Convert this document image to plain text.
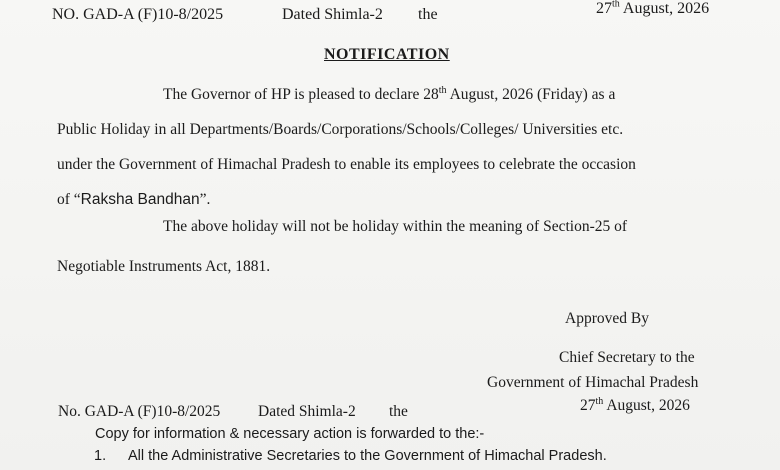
NO. GAD-A (F)10-8/2025	Dated Shimla-2 the	27th August, 2026
NOTIFICATION
The Governor of HP is pleased to declare 28th August, 2026 (Friday) as a
Public Holiday in all Departments/Boards/Corporations/Schools/Colleges/ Universities etc.
under the Government of Himachal Pradesh to enable its employees to celebrate the occasion
of “Raksha Bandhan”.
The above holiday will not be holiday within the meaning of Section-25 of
Negotiable Instruments Act, 1881.
Approved By
Chief Secretary to the
Government of Himachal Pradesh
No. GAD-A (F)10-8/2025 Dated Shimla-2 the	27th August, 2026
Copy for information & necessary action is forwarded to the:-
1. All the Administrative Secretaries to the Government of Himachal Pradesh.
